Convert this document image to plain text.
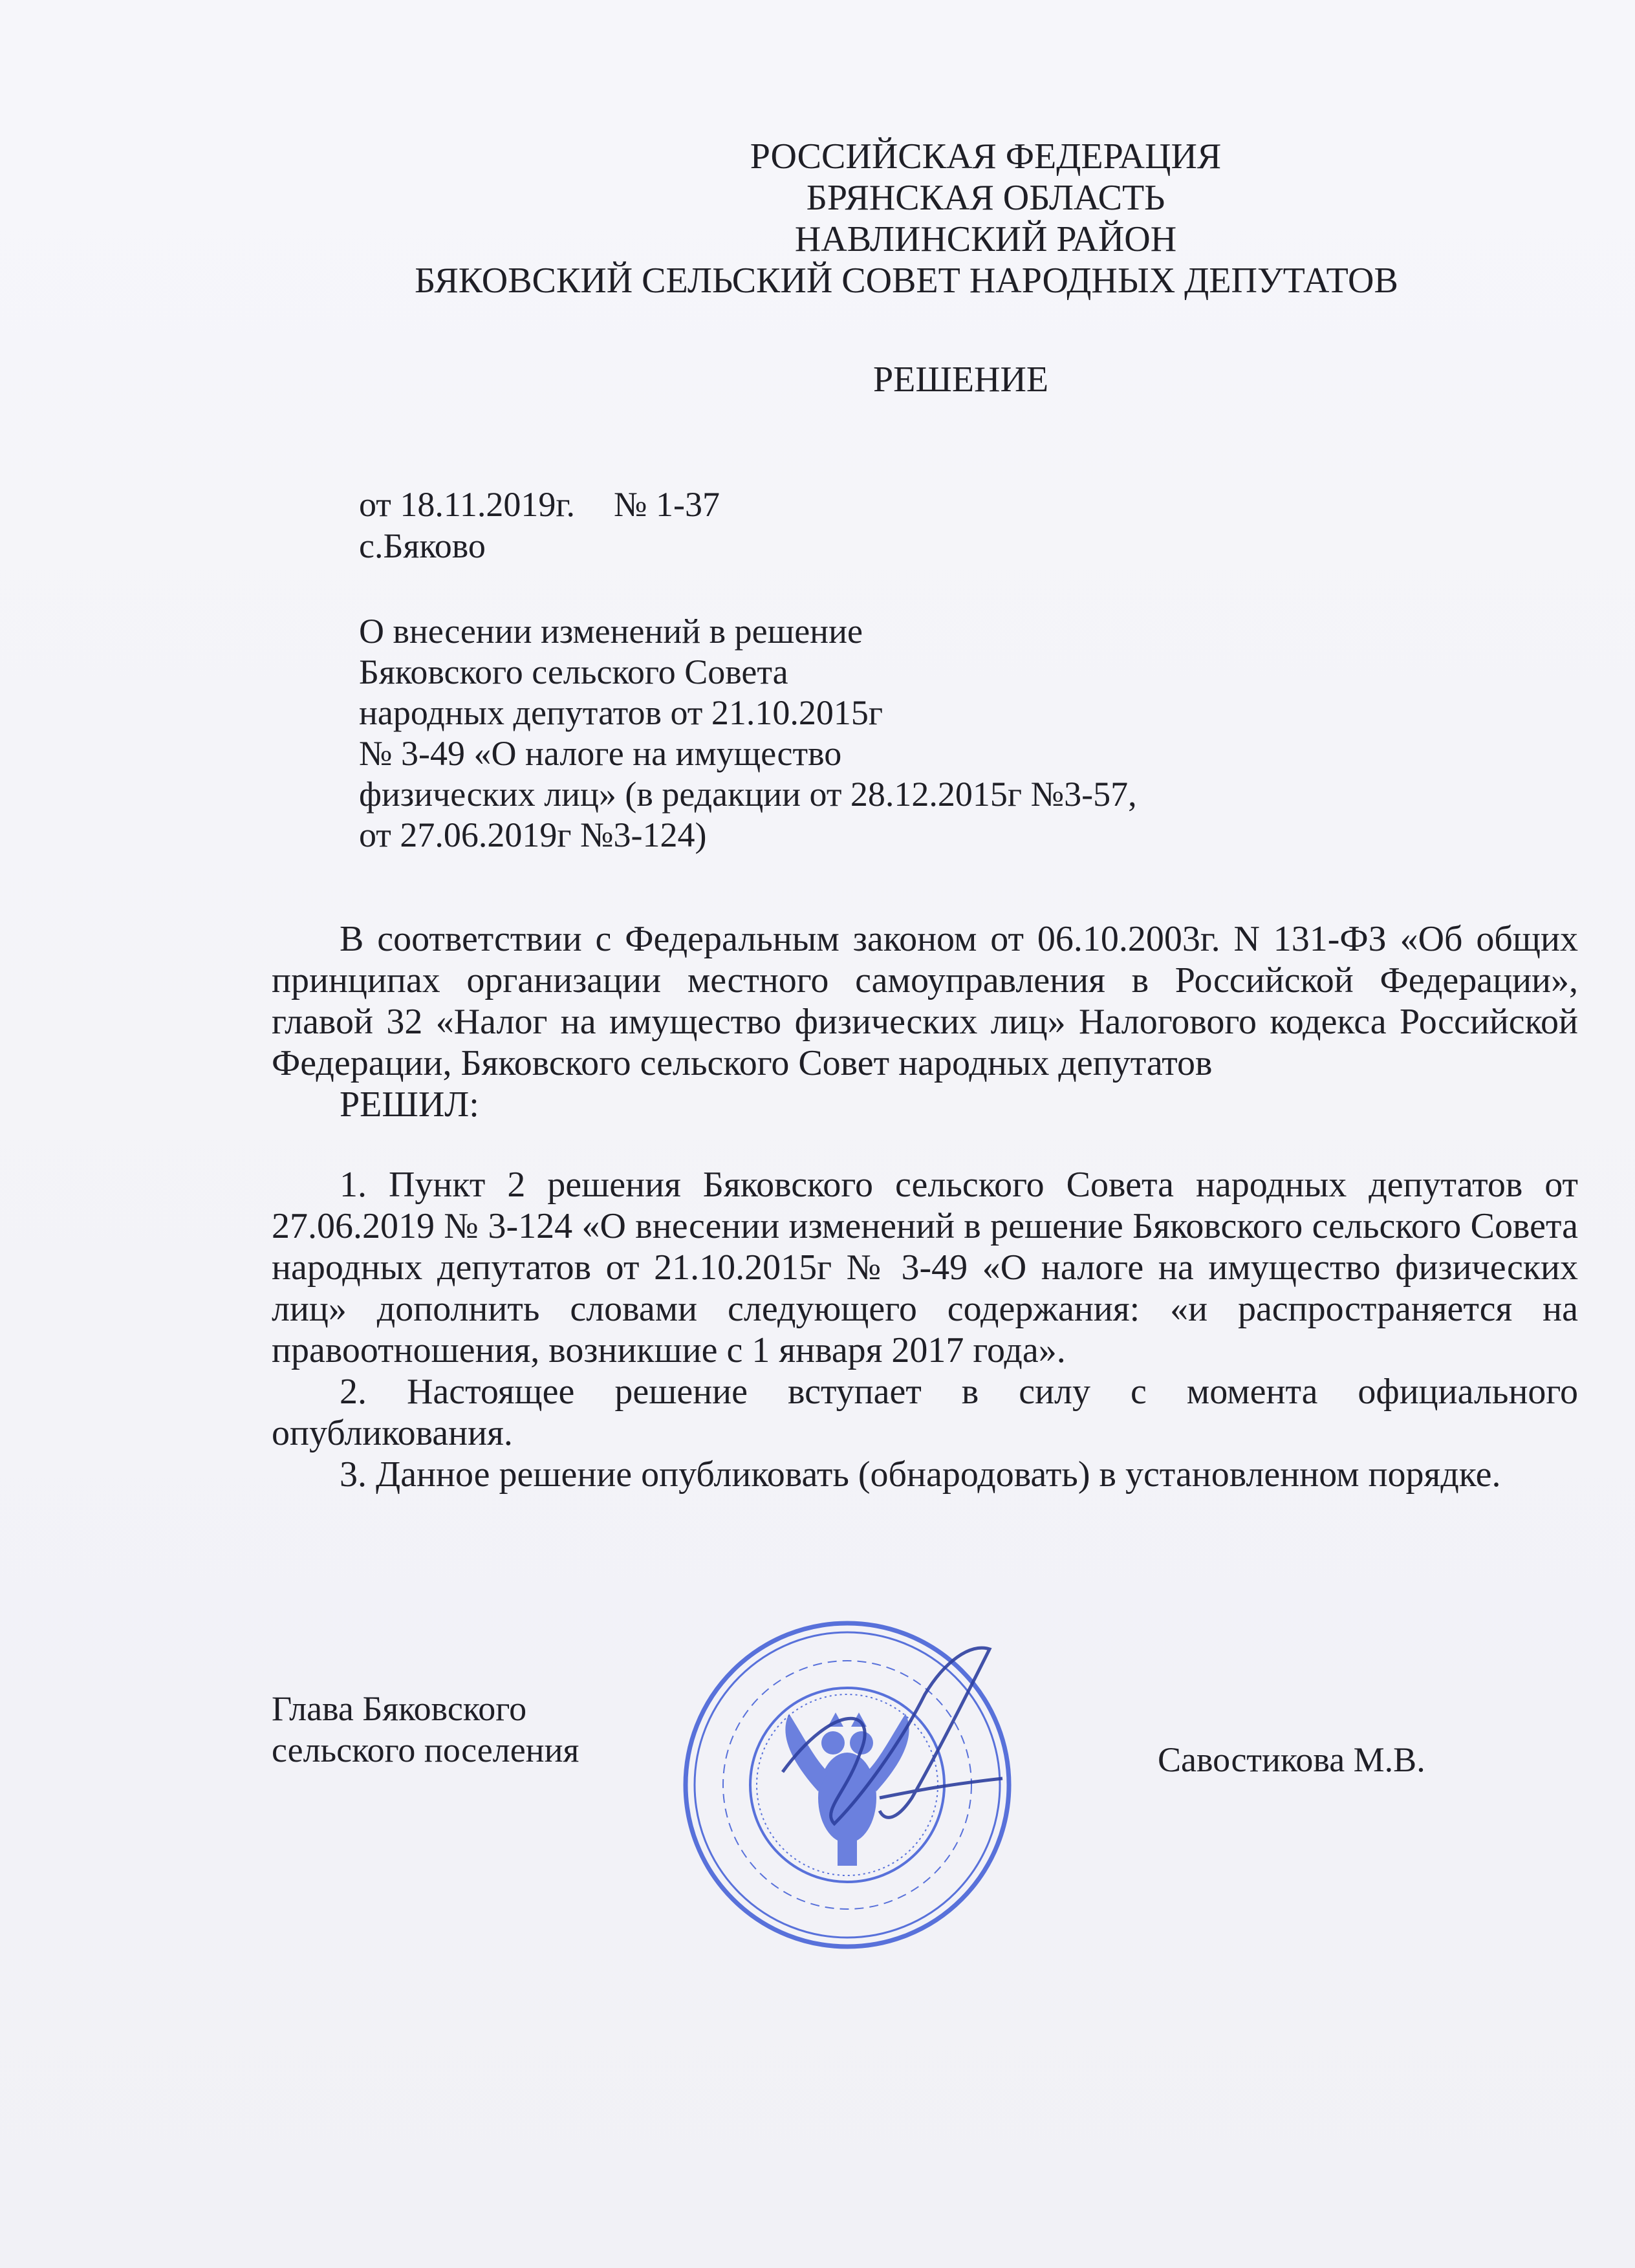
РОССИЙСКАЯ ФЕДЕРАЦИЯ
БРЯНСКАЯ ОБЛАСТЬ
НАВЛИНСКИЙ РАЙОН
БЯКОВСКИЙ СЕЛЬСКИЙ СОВЕТ НАРОДНЫХ ДЕПУТАТОВ
РЕШЕНИЕ
от 18.11.2019г. № 1-37
с.Бяково
О внесении изменений в решение
Бяковского сельского Совета
народных депутатов от 21.10.2015г
№ 3-49 «О налоге на имущество
физических лиц» (в редакции от 28.12.2015г №3-57,
от 27.06.2019г №3-124)

В соответствии с Федеральным законом от 06.10.2003г. N 131-ФЗ «Об общих принципах организации местного самоуправления в Российской Федерации», главой 32 «Налог на имущество физических лиц» Налогового кодекса Российской Федерации, Бяковского сельского Совет народных депутатов

РЕШИЛ:

1. Пункт 2 решения Бяковского сельского Совета народных депутатов от 27.06.2019 № 3-124 «О внесении изменений в решение Бяковского сельского Совета народных депутатов от 21.10.2015г № 3-49 «О налоге на имущество физических лиц» дополнить словами следующего содержания: «и распространяется на правоотношения, возникшие с 1 января 2017 года».

2. Настоящее решение вступает в силу с момента официального опубликования.

3. Данное решение опубликовать (обнародовать) в установленном порядке.

Глава Бяковского
сельского поселения	Савостикова М.В.
